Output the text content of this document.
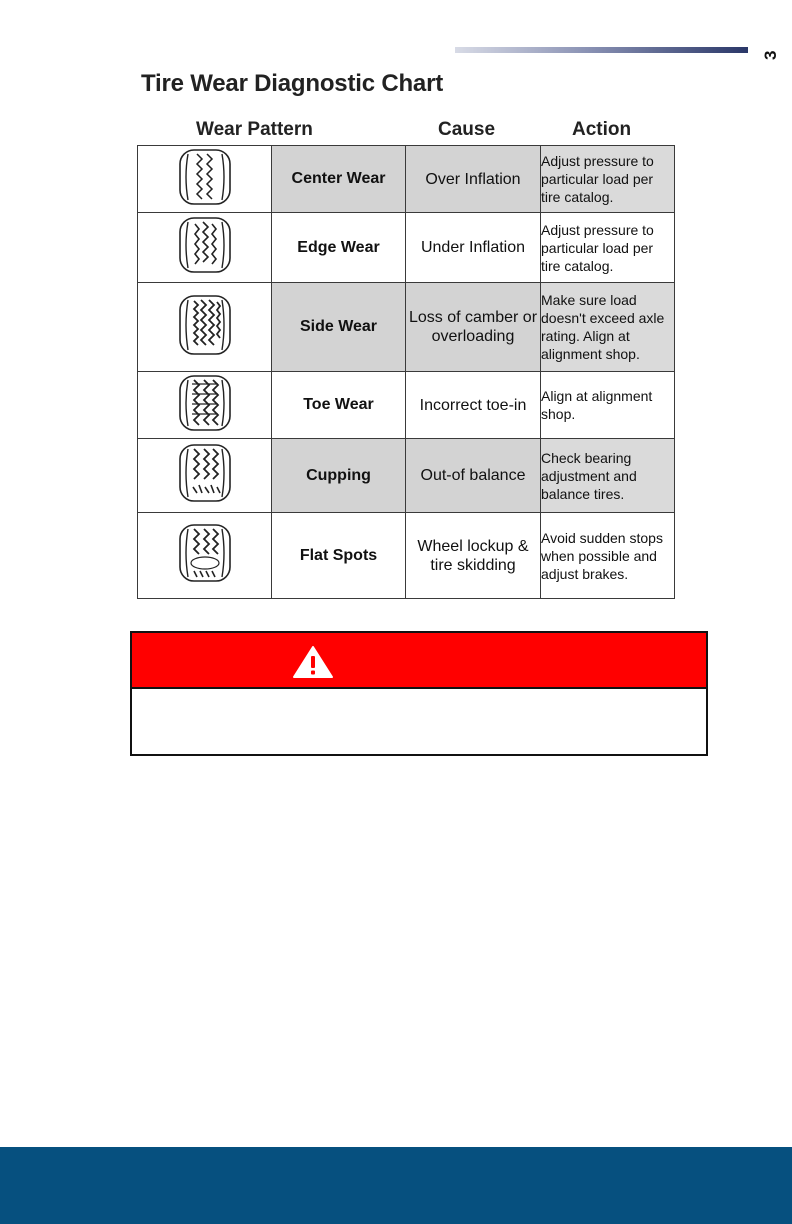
3
Tire Wear Diagnostic Chart
Wear Pattern	Cause	Action
	Center Wear	Over Inflation	Adjust pressure to particular load per tire catalog.
	Edge Wear	Under Inflation	Adjust pressure to particular load per tire catalog.
	Side Wear	Loss of camber or overloading	Make sure load doesn't exceed axle rating. Align at alignment shop.
	Toe Wear	Incorrect toe-in	Align at alignment shop.
	Cupping	Out-of balance	Check bearing adjustment and balance tires.
	Flat Spots	Wheel lockup & tire skidding	Avoid sudden stops when possible and adjust brakes.
